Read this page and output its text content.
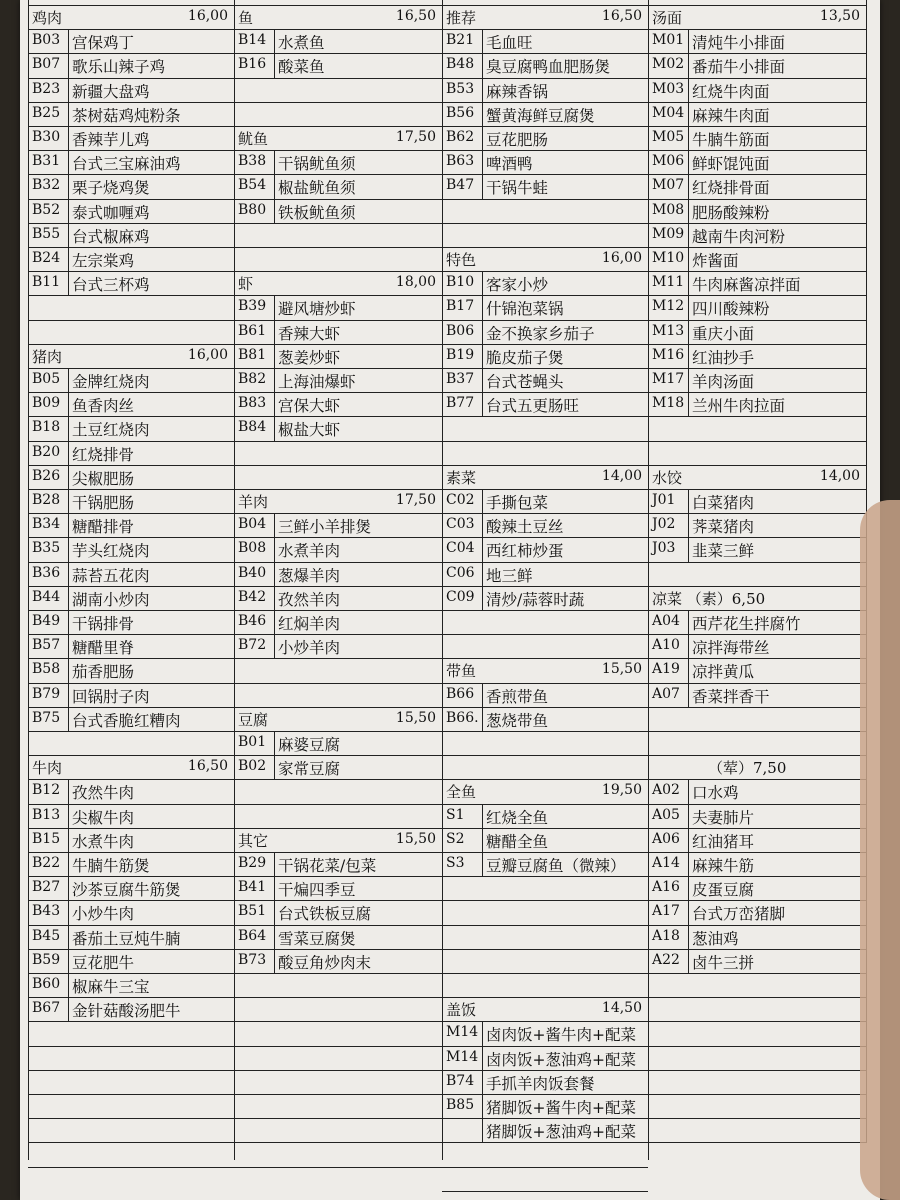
鸡肉	16,00
B03 宫保鸡丁
B07 歌乐山辣子鸡
B23 新疆大盘鸡
B25 茶树菇鸡炖粉条
B30 香辣芋儿鸡
B31 台式三宝麻油鸡
B32 栗子烧鸡煲
B52 泰式咖喱鸡
B55 台式椒麻鸡
B24 左宗棠鸡
B11 台式三杯鸡
猪肉	16,00
B05 金牌红烧肉
B09 鱼香肉丝
B18 土豆红烧肉
B20 红烧排骨
B26 尖椒肥肠
B28 干锅肥肠
B34 糖醋排骨
B35 芋头红烧肉
B36 蒜苔五花肉
B44 湖南小炒肉
B49 干锅排骨
B57 糖醋里脊
B58 茄香肥肠
B79 回锅肘子肉
B75 台式香脆红糟肉
牛肉	16,50
B12 孜然牛肉
B13 尖椒牛肉
B15 水煮牛肉
B22 牛腩牛筋煲
B27 沙茶豆腐牛筋煲
B43 小炒牛肉
B45 番茄土豆炖牛腩
B59 豆花肥牛
B60 椒麻牛三宝
B67 金针菇酸汤肥牛
鱼	16,50
B14 水煮鱼
B16 酸菜鱼
鱿鱼	17,50
B38 干锅鱿鱼须
B54 椒盐鱿鱼须
B80 铁板鱿鱼须
虾	18,00
B39 避风塘炒虾
B61 香辣大虾
B81 葱姜炒虾
B82 上海油爆虾
B83 宫保大虾
B84 椒盐大虾
羊肉	17,50
B04 三鲜小羊排煲
B08 水煮羊肉
B40 葱爆羊肉
B42 孜然羊肉
B46 红焖羊肉
B72 小炒羊肉
豆腐	15,50
B01 麻婆豆腐
B02 家常豆腐
其它	15,50
B29 干锅花菜/包菜
B41 干煸四季豆
B51 台式铁板豆腐
B64 雪菜豆腐煲
B73 酸豆角炒肉末
推荐	16,50
B21 毛血旺
B48 臭豆腐鸭血肥肠煲
B53 麻辣香锅
B56 蟹黄海鲜豆腐煲
B62 豆花肥肠
B63 啤酒鸭
B47 干锅牛蛙
特色	16,00
B10 客家小炒
B17 什锦泡菜锅
B06 金不换家乡茄子
B19 脆皮茄子煲
B37 台式苍蝇头
B77 台式五更肠旺
素菜	14,00
C02 手撕包菜
C03 酸辣土豆丝
C04 西红柿炒蛋
C06 地三鲜
C09 清炒/蒜蓉时蔬
带鱼	15,50
B66 香煎带鱼
B66. 葱烧带鱼
全鱼	19,50
S1 红烧全鱼
S2 糖醋全鱼
S3 豆瓣豆腐鱼（微辣）
盖饭	14,50
M14 卤肉饭+酱牛肉+配菜
M14 卤肉饭+葱油鸡+配菜
B74 手抓羊肉饭套餐
B85 猪脚饭+酱牛肉+配菜
猪脚饭+葱油鸡+配菜
汤面	13,50
M01 清炖牛小排面
M02 番茄牛小排面
M03 红烧牛肉面
M04 麻辣牛肉面
M05 牛腩牛筋面
M06 鲜虾馄饨面
M07 红烧排骨面
M08 肥肠酸辣粉
M09 越南牛肉河粉
M10 炸酱面
M11 牛肉麻酱凉拌面
M12 四川酸辣粉
M13 重庆小面
M16 红油抄手
M17 羊肉汤面
M18 兰州牛肉拉面
水饺	14,00
J01 白菜猪肉
J02 荠菜猪肉
J03 韭菜三鲜
凉菜 （素）6,50
A04 西芹花生拌腐竹
A10 凉拌海带丝
A19 凉拌黄瓜
A07 香菜拌香干
（荤）7,50
A02 口水鸡
A05 夫妻肺片
A06 红油猪耳
A14 麻辣牛筋
A16 皮蛋豆腐
A17 台式万峦猪脚
A18 葱油鸡
A22 卤牛三拼
